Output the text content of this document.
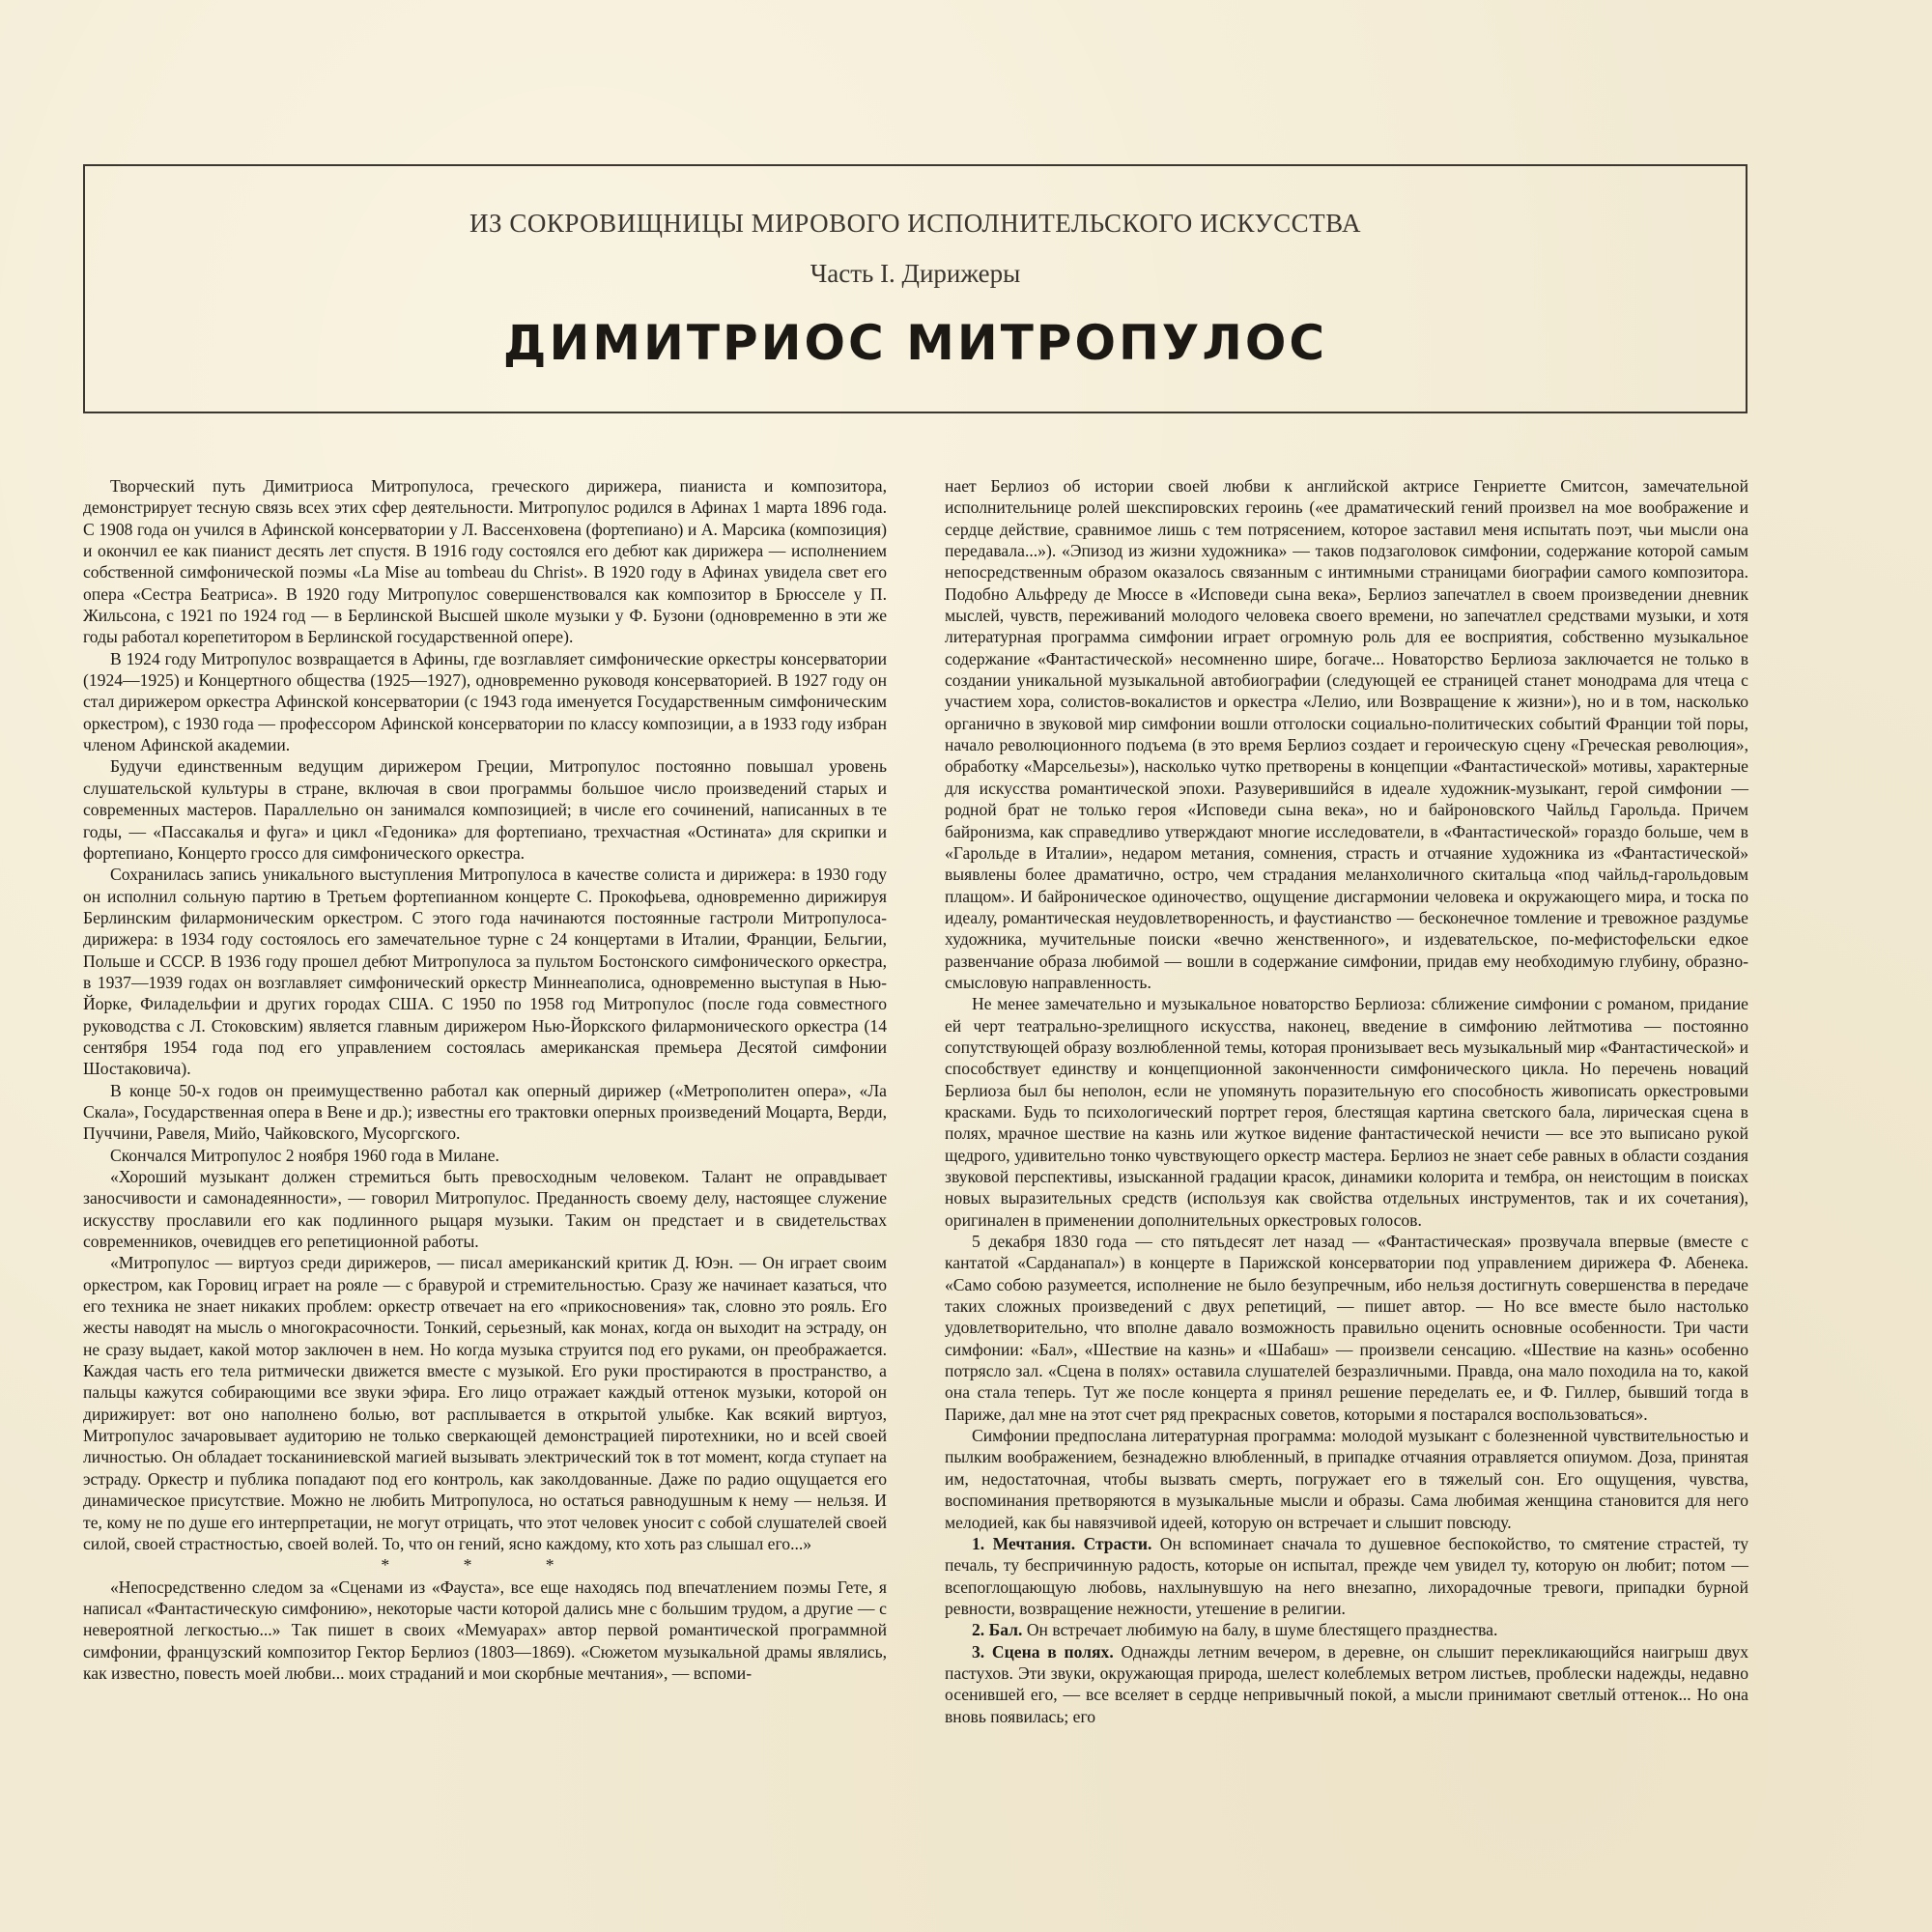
ИЗ СОКРОВИЩНИЦЫ МИРОВОГО ИСПОЛНИТЕЛЬСКОГО ИСКУССТВА
Часть I. Дирижеры
ДИМИТРИОС МИТРОПУЛОС

Творческий путь Димитриоса Митропулоса, греческого дирижера, пианиста и композитора, демонстрирует тесную связь всех этих сфер деятельности. Митропулос родился в Афинах 1 марта 1896 года. С 1908 года он учился в Афинской консерватории у Л. Вассенховена (фортепиано) и А. Марсика (композиция) и окончил ее как пианист десять лет спустя. В 1916 году состоялся его дебют как дирижера — исполнением собственной симфонической поэмы «La Mise au tombeau du Christ». В 1920 году в Афинах увидела свет его опера «Сестра Беатриса». В 1920 году Митропулос совершенствовался как композитор в Брюсселе у П. Жильсона, с 1921 по 1924 год — в Берлинской Высшей школе музыки у Ф. Бузони (одновременно в эти же годы работал корепетитором в Берлинской государственной опере).

В 1924 году Митропулос возвращается в Афины, где возглавляет симфонические оркестры консерватории (1924—1925) и Концертного общества (1925—1927), одновременно руководя консерваторией. В 1927 году он стал дирижером оркестра Афинской консерватории (с 1943 года именуется Государственным симфоническим оркестром), с 1930 года — профессором Афинской консерватории по классу композиции, а в 1933 году избран членом Афинской академии.

Будучи единственным ведущим дирижером Греции, Митропулос постоянно повышал уровень слушательской культуры в стране, включая в свои программы большое число произведений старых и современных мастеров. Параллельно он занимался композицией; в числе его сочинений, написанных в те годы, — «Пассакалья и фуга» и цикл «Гедоника» для фортепиано, трехчастная «Остината» для скрипки и фортепиано, Концерто гроссо для симфонического оркестра.

Сохранилась запись уникального выступления Митропулоса в качестве солиста и дирижера: в 1930 году он исполнил сольную партию в Третьем фортепианном концерте С. Прокофьева, одновременно дирижируя Берлинским филармоническим оркестром. С этого года начинаются постоянные гастроли Митропулоса-дирижера: в 1934 году состоялось его замечательное турне с 24 концертами в Италии, Франции, Бельгии, Польше и СССР. В 1936 году прошел дебют Митропулоса за пультом Бостонского симфонического оркестра, в 1937—1939 годах он возглавляет симфонический оркестр Миннеаполиса, одновременно выступая в Нью-Йорке, Филадельфии и других городах США. С 1950 по 1958 год Митропулос (после года совместного руководства с Л. Стоковским) является главным дирижером Нью-Йоркского филармонического оркестра (14 сентября 1954 года под его управлением состоялась американская премьера Десятой симфонии Шостаковича).

В конце 50-х годов он преимущественно работал как оперный дирижер («Метрополитен опера», «Ла Скала», Государственная опера в Вене и др.); известны его трактовки оперных произведений Моцарта, Верди, Пуччини, Равеля, Мийо, Чайковского, Мусоргского.

Скончался Митропулос 2 ноября 1960 года в Милане.

«Хороший музыкант должен стремиться быть превосходным человеком. Талант не оправдывает заносчивости и самонадеянности», — говорил Митропулос. Преданность своему делу, настоящее служение искусству прославили его как подлинного рыцаря музыки. Таким он предстает и в свидетельствах современников, очевидцев его репетиционной работы.

«Митропулос — виртуоз среди дирижеров, — писал американский критик Д. Юэн. — Он играет своим оркестром, как Горовиц играет на рояле — с бравурой и стремительностью. Сразу же начинает казаться, что его техника не знает никаких проблем: оркестр отвечает на его «прикосновения» так, словно это рояль. Его жесты наводят на мысль о многокрасочности. Тонкий, серьезный, как монах, когда он выходит на эстраду, он не сразу выдает, какой мотор заключен в нем. Но когда музыка струится под его руками, он преображается. Каждая часть его тела ритмически движется вместе с музыкой. Его руки простираются в пространство, а пальцы кажутся собирающими все звуки эфира. Его лицо отражает каждый оттенок музыки, которой он дирижирует: вот оно наполнено болью, вот расплывается в открытой улыбке. Как всякий виртуоз, Митропулос зачаровывает аудиторию не только сверкающей демонстрацией пиротехники, но и всей своей личностью. Он обладает тосканиниевской магией вызывать электрический ток в тот момент, когда ступает на эстраду. Оркестр и публика попадают под его контроль, как заколдованные. Даже по радио ощущается его динамическое присутствие. Можно не любить Митропулоса, но остаться равнодушным к нему — нельзя. И те, кому не по душе его интерпретации, не могут отрицать, что этот человек уносит с собой слушателей своей силой, своей страстностью, своей волей. То, что он гений, ясно каждому, кто хоть раз слышал его...»

* * *

«Непосредственно следом за «Сценами из «Фауста», все еще находясь под впечатлением поэмы Гете, я написал «Фантастическую симфонию», некоторые части которой дались мне с большим трудом, а другие — с невероятной легкостью...» Так пишет в своих «Мемуарах» автор первой романтической программной симфонии, французский композитор Гектор Берлиоз (1803—1869). «Сюжетом музыкальной драмы являлись, как известно, повесть моей любви... моих страданий и мои скорбные мечтания», — вспоми-

нает Берлиоз об истории своей любви к английской актрисе Генриетте Смитсон, замечательной исполнительнице ролей шекспировских героинь («ее драматический гений произвел на мое воображение и сердце действие, сравнимое лишь с тем потрясением, которое заставил меня испытать поэт, чьи мысли она передавала...»). «Эпизод из жизни художника» — таков подзаголовок симфонии, содержание которой самым непосредственным образом оказалось связанным с интимными страницами биографии самого композитора. Подобно Альфреду де Мюссе в «Исповеди сына века», Берлиоз запечатлел в своем произведении дневник мыслей, чувств, переживаний молодого человека своего времени, но запечатлел средствами музыки, и хотя литературная программа симфонии играет огромную роль для ее восприятия, собственно музыкальное содержание «Фантастической» несомненно шире, богаче... Новаторство Берлиоза заключается не только в создании уникальной музыкальной автобиографии (следующей ее страницей станет монодрама для чтеца с участием хора, солистов-вокалистов и оркестра «Лелио, или Возвращение к жизни»), но и в том, насколько органично в звуковой мир симфонии вошли отголоски социально-политических событий Франции той поры, начало революционного подъема (в это время Берлиоз создает и героическую сцену «Греческая революция», обработку «Марсельезы»), насколько чутко претворены в концепции «Фантастической» мотивы, характерные для искусства романтической эпохи. Разуверившийся в идеале художник-музыкант, герой симфонии — родной брат не только героя «Исповеди сына века», но и байроновского Чайльд Гарольда. Причем байронизма, как справедливо утверждают многие исследователи, в «Фантастической» гораздо больше, чем в «Гарольде в Италии», недаром метания, сомнения, страсть и отчаяние художника из «Фантастической» выявлены более драматично, остро, чем страдания меланхоличного скитальца «под чайльд-гарольдовым плащом». И байроническое одиночество, ощущение дисгармонии человека и окружающего мира, и тоска по идеалу, романтическая неудовлетворенность, и фаустианство — бесконечное томление и тревожное раздумье художника, мучительные поиски «вечно женственного», и издевательское, по-мефистофельски едкое развенчание образа любимой — вошли в содержание симфонии, придав ему необходимую глубину, образно-смысловую направленность.

Не менее замечательно и музыкальное новаторство Берлиоза: сближение симфонии с романом, придание ей черт театрально-зрелищного искусства, наконец, введение в симфонию лейтмотива — постоянно сопутствующей образу возлюбленной темы, которая пронизывает весь музыкальный мир «Фантастической» и способствует единству и концепционной законченности симфонического цикла. Но перечень новаций Берлиоза был бы неполон, если не упомянуть поразительную его способность живописать оркестровыми красками. Будь то психологический портрет героя, блестящая картина светского бала, лирическая сцена в полях, мрачное шествие на казнь или жуткое видение фантастической нечисти — все это выписано рукой щедрого, удивительно тонко чувствующего оркестр мастера. Берлиоз не знает себе равных в области создания звуковой перспективы, изысканной градации красок, динамики колорита и тембра, он неистощим в поисках новых выразительных средств (используя как свойства отдельных инструментов, так и их сочетания), оригинален в применении дополнительных оркестровых голосов.

5 декабря 1830 года — сто пятьдесят лет назад — «Фантастическая» прозвучала впервые (вместе с кантатой «Сарданапал») в концерте в Парижской консерватории под управлением дирижера Ф. Абенека. «Само собою разумеется, исполнение не было безупречным, ибо нельзя достигнуть совершенства в передаче таких сложных произведений с двух репетиций, — пишет автор. — Но все вместе было настолько удовлетворительно, что вполне давало возможность правильно оценить основные особенности. Три части симфонии: «Бал», «Шествие на казнь» и «Шабаш» — произвели сенсацию. «Шествие на казнь» особенно потрясло зал. «Сцена в полях» оставила слушателей безразличными. Правда, она мало походила на то, какой она стала теперь. Тут же после концерта я принял решение переделать ее, и Ф. Гиллер, бывший тогда в Париже, дал мне на этот счет ряд прекрасных советов, которыми я постарался воспользоваться».

Симфонии предпослана литературная программа: молодой музыкант с болезненной чувствительностью и пылким воображением, безнадежно влюбленный, в припадке отчаяния отравляется опиумом. Доза, принятая им, недостаточная, чтобы вызвать смерть, погружает его в тяжелый сон. Его ощущения, чувства, воспоминания претворяются в музыкальные мысли и образы. Сама любимая женщина становится для него мелодией, как бы навязчивой идеей, которую он встречает и слышит повсюду.

1. Мечтания. Страсти. Он вспоминает сначала то душевное беспокойство, то смятение страстей, ту печаль, ту беспричинную радость, которые он испытал, прежде чем увидел ту, которую он любит; потом — всепоглощающую любовь, нахлынувшую на него внезапно, лихорадочные тревоги, припадки бурной ревности, возвращение нежности, утешение в религии.

2. Бал. Он встречает любимую на балу, в шуме блестящего празднества.

3. Сцена в полях. Однажды летним вечером, в деревне, он слышит перекликающийся наигрыш двух пастухов. Эти звуки, окружающая природа, шелест колеблемых ветром листьев, проблески надежды, недавно осенившей его, — все вселяет в сердце непривычный покой, а мысли принимают светлый оттенок... Но она вновь появилась; его
